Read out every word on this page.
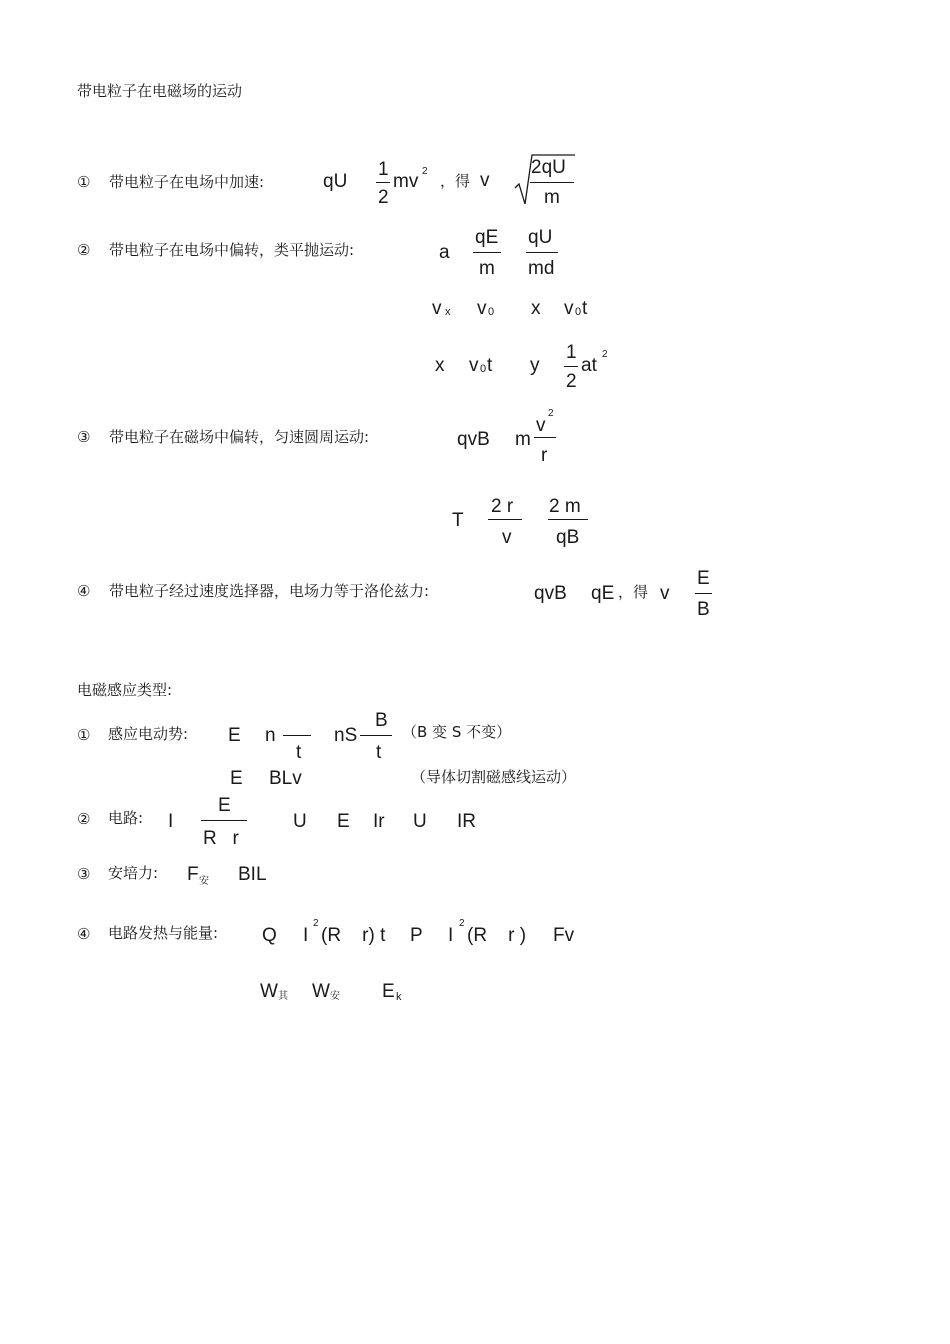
带电粒子在电磁场的运动
① 带电粒子在电场中加速:	qU
1
2
mv 2
，得 v
2qU
m
② 带电粒子在电场中偏转，类平抛运动:	a
qE
m
qU
md
v x v 0 x v 0 t
x v 0 t y
1
2
at
2
③ 带电粒子在磁场中偏转，匀速圆周运动:	qvB m
v
2
r
T
2 r
v
2 m
qB
④ 带电粒子经过速度选择器，电场力等于洛伦兹力:	qvB qE ，得 v
E
B
电磁感应类型:
① 感应电动势: E n
t
nS
B
t
（B 变 S 不变）
E BLv	（导体切割磁感线运动）
② 电路: I
E
R   r
U E Ir U IR
③ 安培力: F 安 BIL
④ 电路发热与能量: Q I
2
(R    r) t P I
2
(R    r ) Fv
W 其 W 安 E k
